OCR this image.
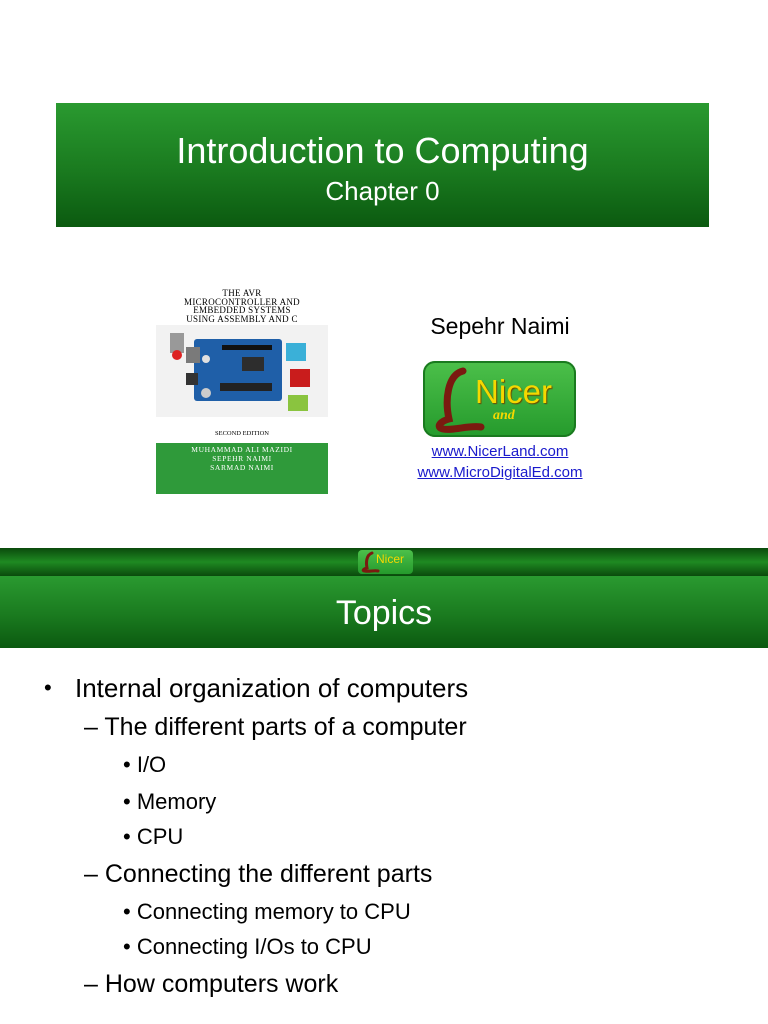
Introduction to Computing
Chapter 0
THE AVR
MICROCONTROLLER AND
EMBEDDED SYSTEMS
USING ASSEMBLY AND C
SECOND EDITION
MUHAMMAD ALI MAZIDI
SEPEHR NAIMI
SARMAD NAIMI
Sepehr Naimi
Nicer
and
www.NicerLand.com
www.MicroDigitalEd.com
Nicer
Topics
• Internal organization of computers
– The different parts of a computer
• I/O
• Memory
• CPU
– Connecting the different parts
• Connecting memory to CPU
• Connecting I/Os to CPU
– How computers work
